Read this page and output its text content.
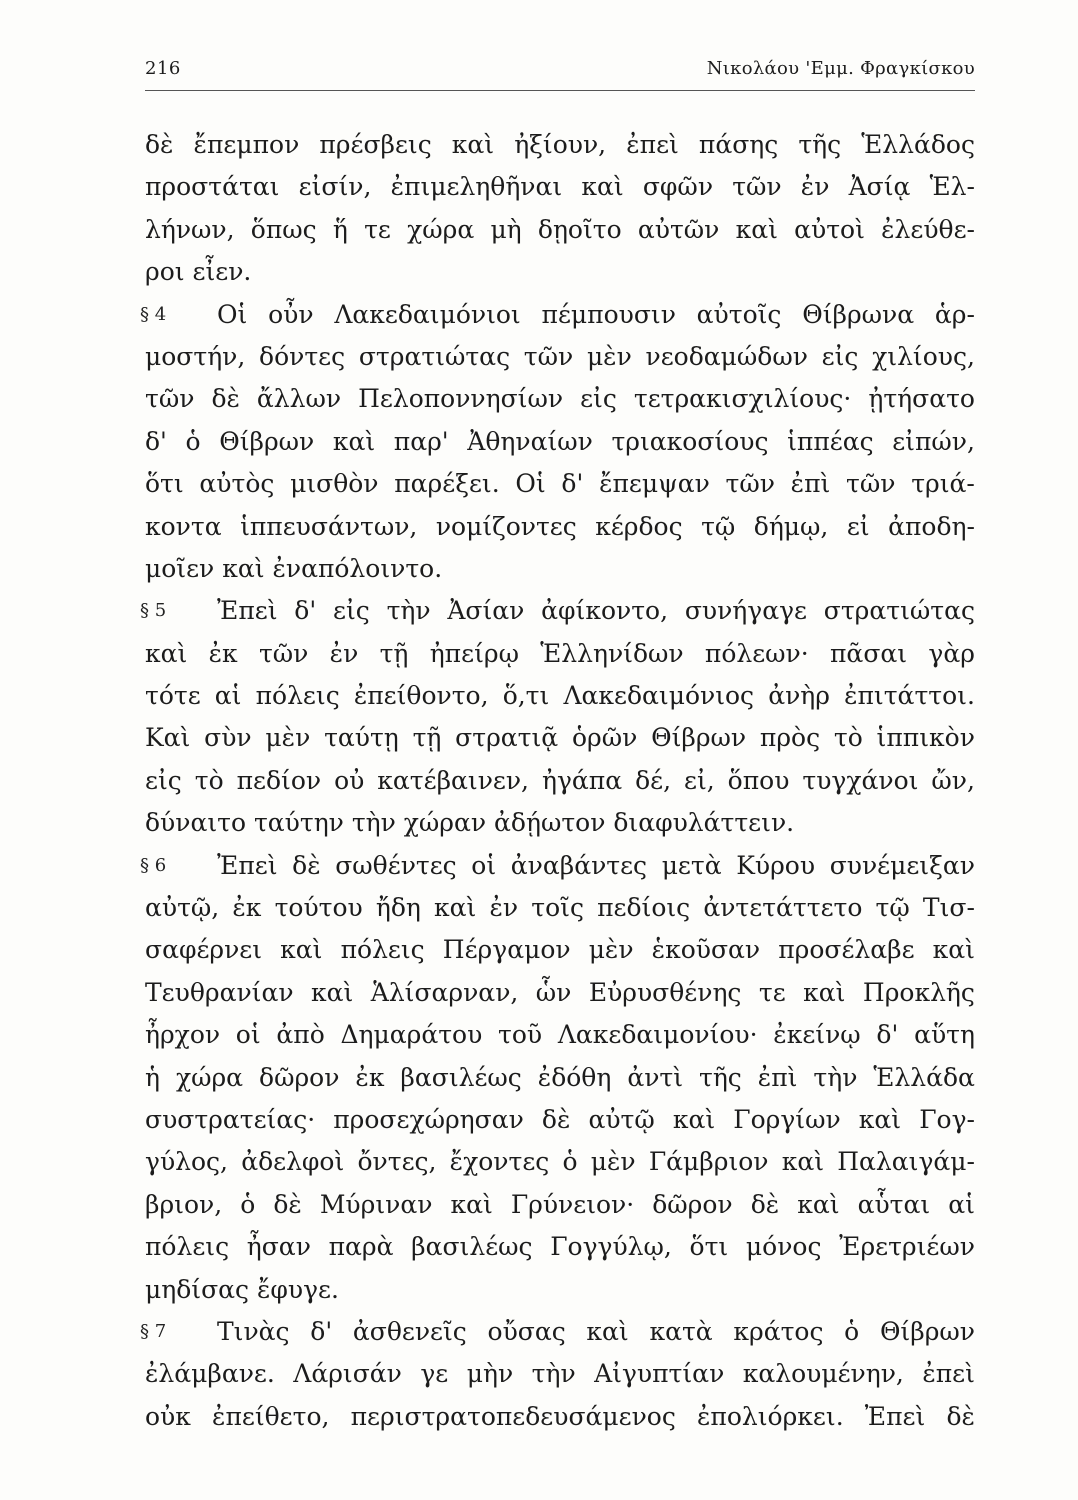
216	Νικολάου 'Εμμ. Φραγκίσκου
δὲ ἔπεμπον πρέσβεις καὶ ἠξίουν, ἐπεὶ πάσης τῆς Ἑλλάδος
προστάται εἰσίν, ἐπιμεληθῆναι καὶ σφῶν τῶν ἐν Ἀσίᾳ Ἑλ-
λήνων, ὅπως ἥ τε χώρα μὴ δῃοῖτο αὐτῶν καὶ αὐτοὶ ἐλεύθε-
ροι εἶεν.
§ 4 Οἱ οὖν Λακεδαιμόνιοι πέμπουσιν αὐτοῖς Θίβρωνα ἁρ-
μοστήν, δόντες στρατιώτας τῶν μὲν νεοδαμώδων εἰς χιλίους,
τῶν δὲ ἄλλων Πελοποννησίων εἰς τετρακισχιλίους· ᾐτήσατο
δ' ὁ Θίβρων καὶ παρ' Ἀθηναίων τριακοσίους ἱππέας εἰπών,
ὅτι αὐτὸς μισθὸν παρέξει. Οἱ δ' ἔπεμψαν τῶν ἐπὶ τῶν τριά-
κοντα ἱππευσάντων, νομίζοντες κέρδος τῷ δήμῳ, εἰ ἀποδη-
μοῖεν καὶ ἐναπόλοιντο.
§ 5 Ἐπεὶ δ' εἰς τὴν Ἀσίαν ἀφίκοντο, συνήγαγε στρατιώτας
καὶ ἐκ τῶν ἐν τῇ ἠπείρῳ Ἑλληνίδων πόλεων· πᾶσαι γὰρ
τότε αἱ πόλεις ἐπείθοντο, ὅ,τι Λακεδαιμόνιος ἀνὴρ ἐπιτάττοι.
Καὶ σὺν μὲν ταύτῃ τῇ στρατιᾷ ὁρῶν Θίβρων πρὸς τὸ ἱππικὸν
εἰς τὸ πεδίον οὐ κατέβαινεν, ἠγάπα δέ, εἰ, ὅπου τυγχάνοι ὤν,
δύναιτο ταύτην τὴν χώραν ἀδῄωτον διαφυλάττειν.
§ 6 Ἐπεὶ δὲ σωθέντες οἱ ἀναβάντες μετὰ Κύρου συνέμειξαν
αὐτῷ, ἐκ τούτου ἤδη καὶ ἐν τοῖς πεδίοις ἀντετάττετο τῷ Τισ-
σαφέρνει καὶ πόλεις Πέργαμον μὲν ἑκοῦσαν προσέλαβε καὶ
Τευθρανίαν καὶ Ἁλίσαρναν, ὧν Εὐρυσθένης τε καὶ Προκλῆς
ἦρχον οἱ ἀπὸ Δημαράτου τοῦ Λακεδαιμονίου· ἐκείνῳ δ' αὕτη
ἡ χώρα δῶρον ἐκ βασιλέως ἐδόθη ἀντὶ τῆς ἐπὶ τὴν Ἑλλάδα
συστρατείας· προσεχώρησαν δὲ αὐτῷ καὶ Γοργίων καὶ Γογ-
γύλος, ἀδελφοὶ ὄντες, ἔχοντες ὁ μὲν Γάμβριον καὶ Παλαιγάμ-
βριον, ὁ δὲ Μύριναν καὶ Γρύνειον· δῶρον δὲ καὶ αὗται αἱ
πόλεις ἦσαν παρὰ βασιλέως Γογγύλῳ, ὅτι μόνος Ἐρετριέων
μηδίσας ἔφυγε.
§ 7 Τινὰς δ' ἀσθενεῖς οὔσας καὶ κατὰ κράτος ὁ Θίβρων
ἐλάμβανε. Λάρισάν γε μὴν τὴν Αἰγυπτίαν καλουμένην, ἐπεὶ
οὐκ ἐπείθετο, περιστρατοπεδευσάμενος ἐπολιόρκει. Ἐπεὶ δὲ
